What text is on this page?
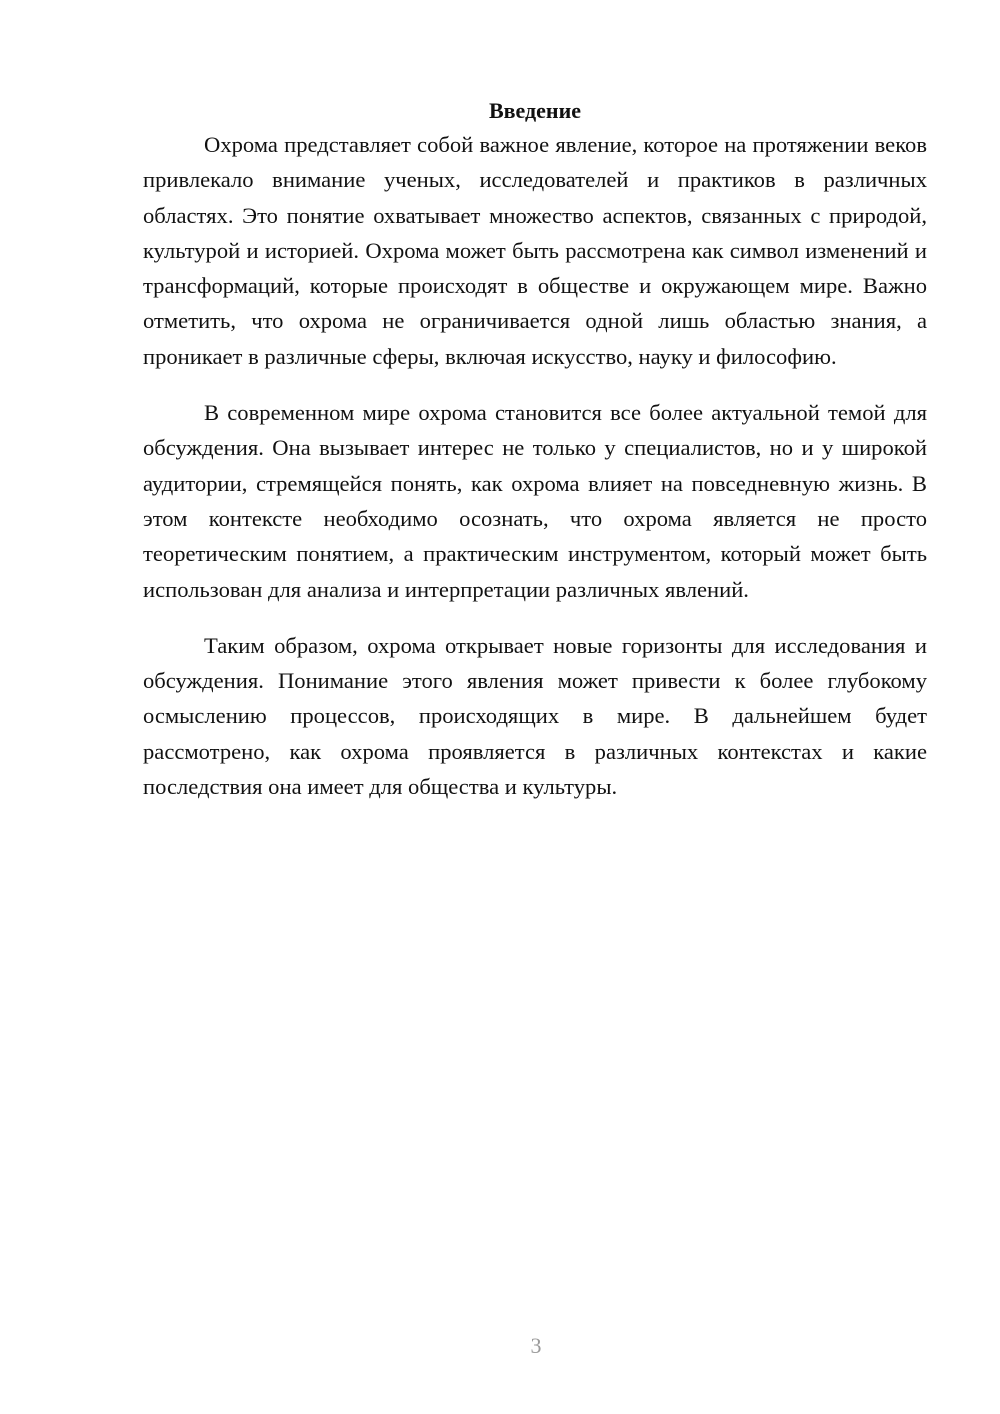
Введение

Охрома представляет собой важное явление, которое на протяжении веков привлекало внимание ученых, исследователей и практиков в различных областях. Это понятие охватывает множество аспектов, связанных с природой, культурой и историей. Охрома может быть рассмотрена как символ изменений и трансформаций, которые происходят в обществе и окружающем мире. Важно отметить, что охрома не ограничивается одной лишь областью знания, а проникает в различные сферы, включая искусство, науку и философию.

В современном мире охрома становится все более актуальной темой для обсуждения. Она вызывает интерес не только у специалистов, но и у широкой аудитории, стремящейся понять, как охрома влияет на повседневную жизнь. В этом контексте необходимо осознать, что охрома является не просто теоретическим понятием, а практическим инструментом, который может быть использован для анализа и интерпретации различных явлений.

Таким образом, охрома открывает новые горизонты для исследования и обсуждения. Понимание этого явления может привести к более глубокому осмыслению процессов, происходящих в мире. В дальнейшем будет рассмотрено, как охрома проявляется в различных контекстах и какие последствия она имеет для общества и культуры.

3
